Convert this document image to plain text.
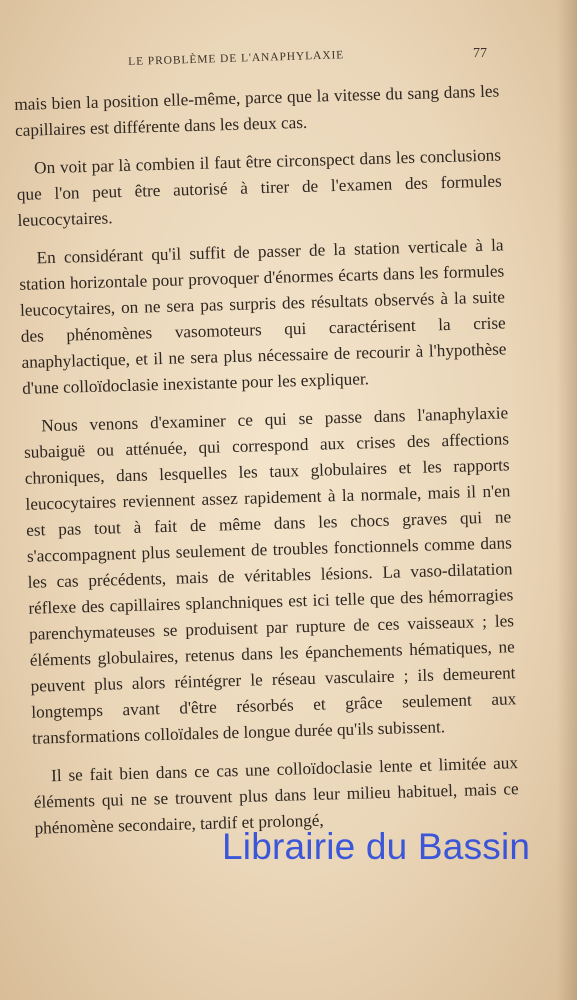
LE PROBLÈME DE L'ANAPHYLAXIE	77

mais bien la position elle-même, parce que la vitesse du sang dans les capillaires est différente dans les deux cas.

On voit par là combien il faut être circonspect dans les conclusions que l'on peut être autorisé à tirer de l'examen des formules leucocytaires.

En considérant qu'il suffit de passer de la station verticale à la station horizontale pour provoquer d'énormes écarts dans les formules leucocytaires, on ne sera pas surpris des résultats observés à la suite des phénomènes vasomoteurs qui caractérisent la crise anaphylactique, et il ne sera plus nécessaire de recourir à l'hypothèse d'une colloïdoclasie inexistante pour les expliquer.

Nous venons d'examiner ce qui se passe dans l'anaphylaxie subaiguë ou atténuée, qui correspond aux crises des affections chroniques, dans lesquelles les taux globulaires et les rapports leucocytaires reviennent assez rapidement à la normale, mais il n'en est pas tout à fait de même dans les chocs graves qui ne s'accompagnent plus seulement de troubles fonctionnels comme dans les cas précédents, mais de véritables lésions. La vaso-dilatation réflexe des capillaires splanchniques est ici telle que des hémorragies parenchymateuses se produisent par rupture de ces vaisseaux ; les éléments globulaires, retenus dans les épanchements hématiques, ne peuvent plus alors réintégrer le réseau vasculaire ; ils demeurent longtemps avant d'être résorbés et grâce seulement aux transformations colloïdales de longue durée qu'ils subissent.

Il se fait bien dans ce cas une colloïdoclasie lente et limitée aux éléments qui ne se trouvent plus dans leur milieu habituel, mais ce phénomène secondaire, tardif et prolongé,

Librairie du Bassin
